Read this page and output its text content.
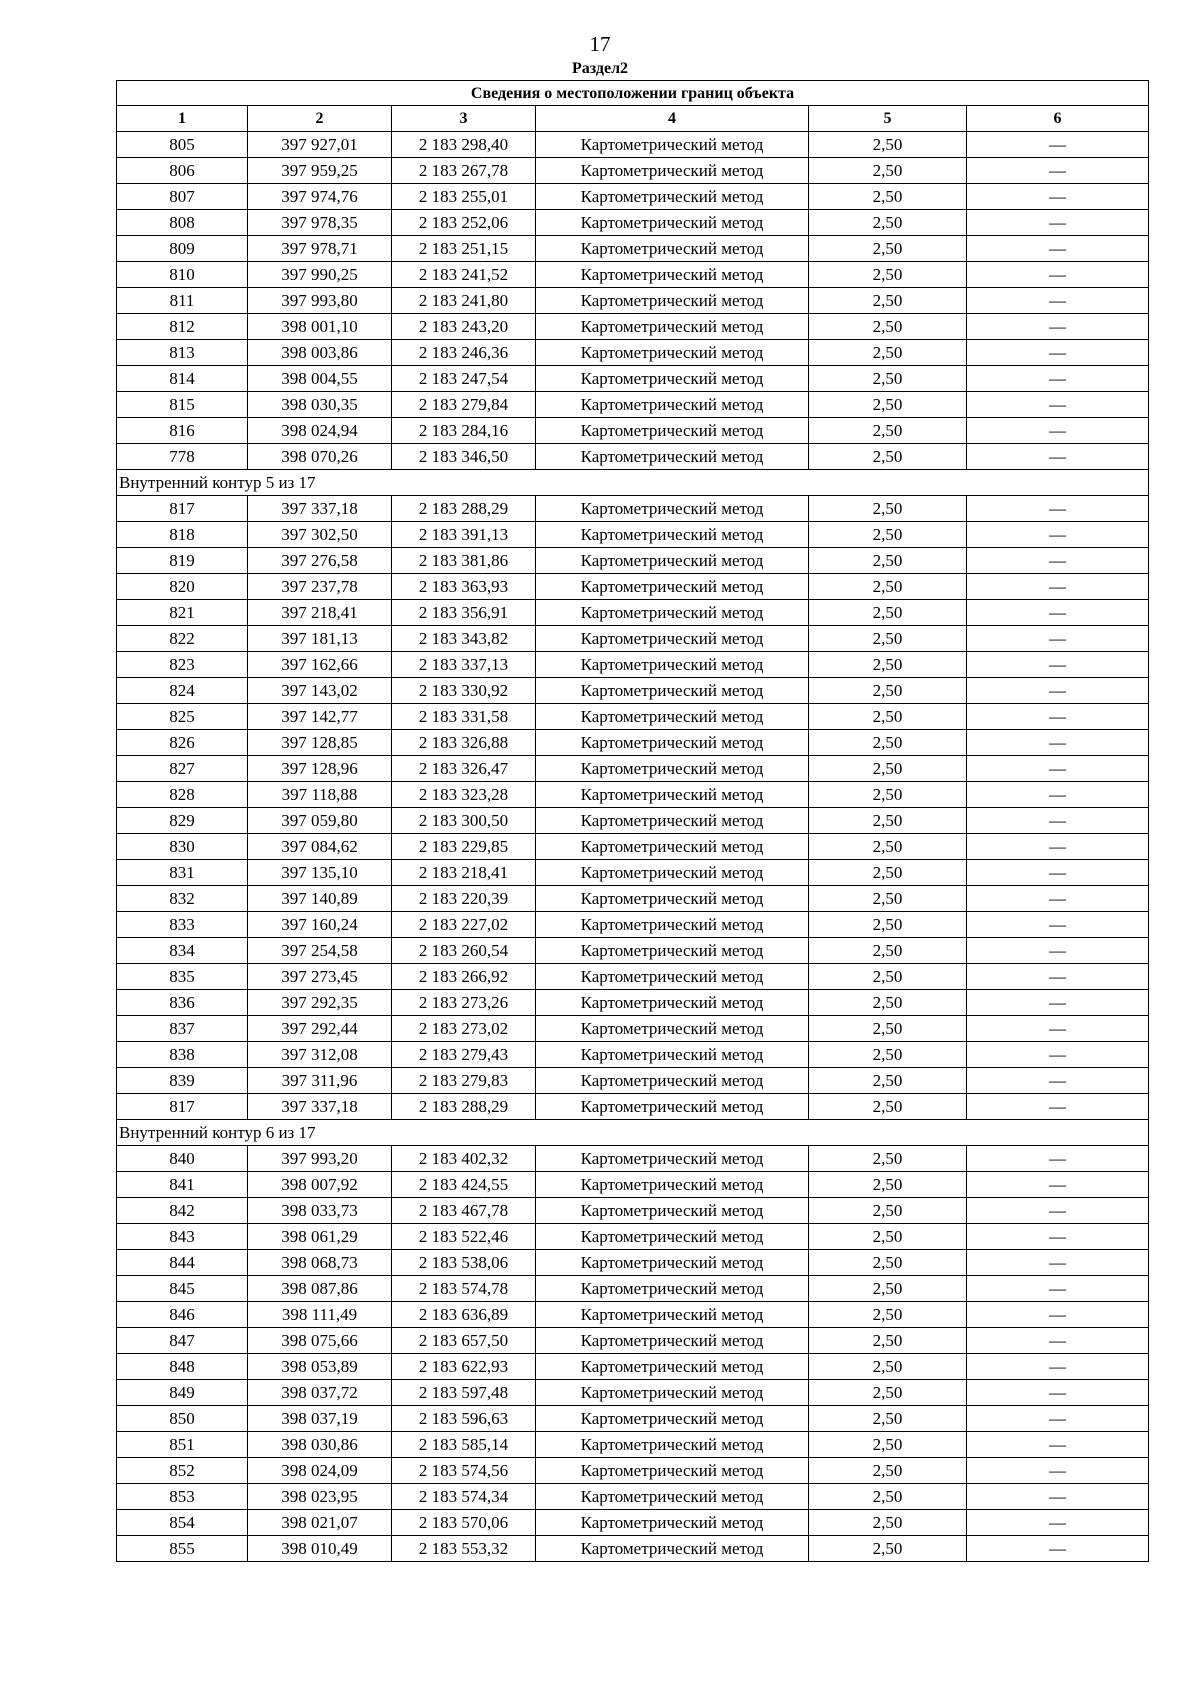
17
Раздел2
Сведения о местоположении границ объекта					
1	2	3	4	5	6
805	397 927,01	2 183 298,40	Картометрический метод	2,50	—
806	397 959,25	2 183 267,78	Картометрический метод	2,50	—
807	397 974,76	2 183 255,01	Картометрический метод	2,50	—
808	397 978,35	2 183 252,06	Картометрический метод	2,50	—
809	397 978,71	2 183 251,15	Картометрический метод	2,50	—
810	397 990,25	2 183 241,52	Картометрический метод	2,50	—
811	397 993,80	2 183 241,80	Картометрический метод	2,50	—
812	398 001,10	2 183 243,20	Картометрический метод	2,50	—
813	398 003,86	2 183 246,36	Картометрический метод	2,50	—
814	398 004,55	2 183 247,54	Картометрический метод	2,50	—
815	398 030,35	2 183 279,84	Картометрический метод	2,50	—
816	398 024,94	2 183 284,16	Картометрический метод	2,50	—
778	398 070,26	2 183 346,50	Картометрический метод	2,50	—
Внутренний контур 5 из 17					
817	397 337,18	2 183 288,29	Картометрический метод	2,50	—
818	397 302,50	2 183 391,13	Картометрический метод	2,50	—
819	397 276,58	2 183 381,86	Картометрический метод	2,50	—
820	397 237,78	2 183 363,93	Картометрический метод	2,50	—
821	397 218,41	2 183 356,91	Картометрический метод	2,50	—
822	397 181,13	2 183 343,82	Картометрический метод	2,50	—
823	397 162,66	2 183 337,13	Картометрический метод	2,50	—
824	397 143,02	2 183 330,92	Картометрический метод	2,50	—
825	397 142,77	2 183 331,58	Картометрический метод	2,50	—
826	397 128,85	2 183 326,88	Картометрический метод	2,50	—
827	397 128,96	2 183 326,47	Картометрический метод	2,50	—
828	397 118,88	2 183 323,28	Картометрический метод	2,50	—
829	397 059,80	2 183 300,50	Картометрический метод	2,50	—
830	397 084,62	2 183 229,85	Картометрический метод	2,50	—
831	397 135,10	2 183 218,41	Картометрический метод	2,50	—
832	397 140,89	2 183 220,39	Картометрический метод	2,50	—
833	397 160,24	2 183 227,02	Картометрический метод	2,50	—
834	397 254,58	2 183 260,54	Картометрический метод	2,50	—
835	397 273,45	2 183 266,92	Картометрический метод	2,50	—
836	397 292,35	2 183 273,26	Картометрический метод	2,50	—
837	397 292,44	2 183 273,02	Картометрический метод	2,50	—
838	397 312,08	2 183 279,43	Картометрический метод	2,50	—
839	397 311,96	2 183 279,83	Картометрический метод	2,50	—
817	397 337,18	2 183 288,29	Картометрический метод	2,50	—
Внутренний контур 6 из 17					
840	397 993,20	2 183 402,32	Картометрический метод	2,50	—
841	398 007,92	2 183 424,55	Картометрический метод	2,50	—
842	398 033,73	2 183 467,78	Картометрический метод	2,50	—
843	398 061,29	2 183 522,46	Картометрический метод	2,50	—
844	398 068,73	2 183 538,06	Картометрический метод	2,50	—
845	398 087,86	2 183 574,78	Картометрический метод	2,50	—
846	398 111,49	2 183 636,89	Картометрический метод	2,50	—
847	398 075,66	2 183 657,50	Картометрический метод	2,50	—
848	398 053,89	2 183 622,93	Картометрический метод	2,50	—
849	398 037,72	2 183 597,48	Картометрический метод	2,50	—
850	398 037,19	2 183 596,63	Картометрический метод	2,50	—
851	398 030,86	2 183 585,14	Картометрический метод	2,50	—
852	398 024,09	2 183 574,56	Картометрический метод	2,50	—
853	398 023,95	2 183 574,34	Картометрический метод	2,50	—
854	398 021,07	2 183 570,06	Картометрический метод	2,50	—
855	398 010,49	2 183 553,32	Картометрический метод	2,50	—
